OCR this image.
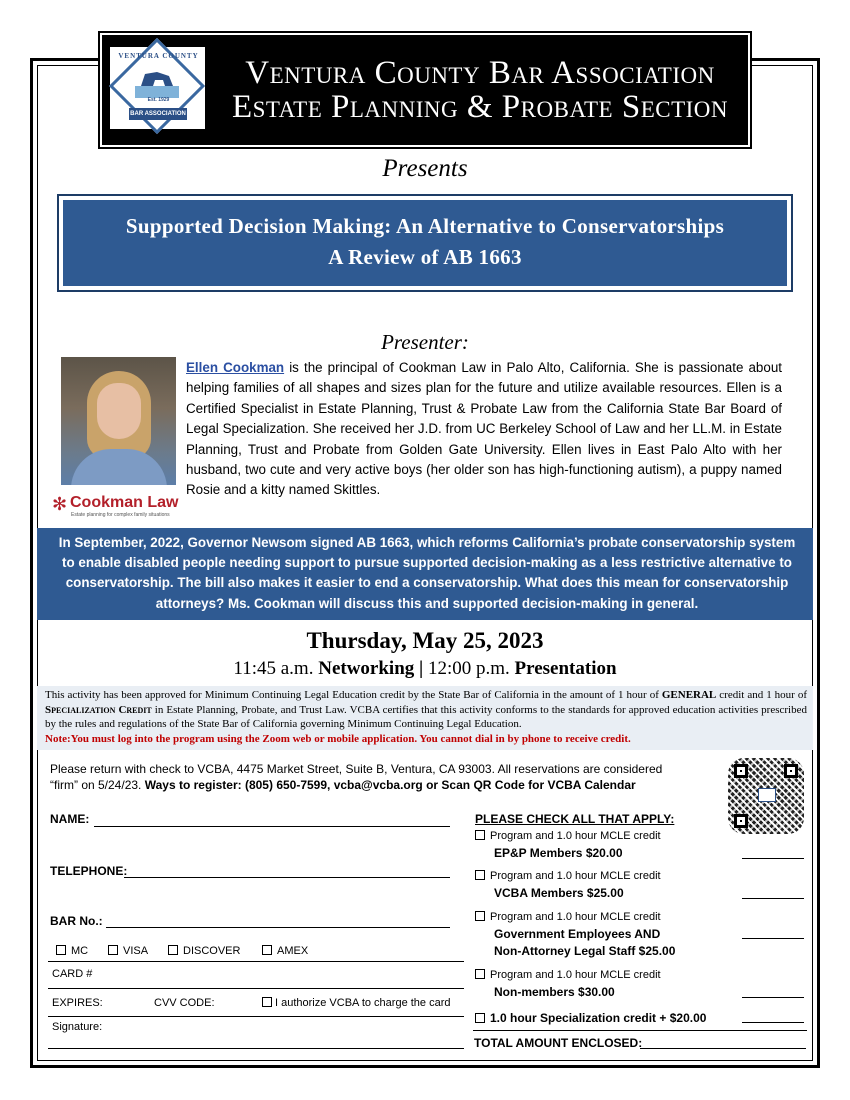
VENTURA COUNTY
Est. 1929
BAR ASSOCIATION
Ventura County Bar Association
Estate Planning & Probate Section
Presents
Supported Decision Making: An Alternative to Conservatorships
A Review of AB 1663
Presenter:
✻ Cookman Law
Estate planning for complex family situations
Ellen Cookman is the principal of Cookman Law in Palo Alto, California. She is passionate about helping families of all shapes and sizes plan for the future and utilize available resources. Ellen is a Certified Specialist in Estate Planning, Trust & Probate Law from the California State Bar Board of Legal Specialization. She received her J.D. from UC Berkeley School of Law and her LL.M. in Estate Planning, Trust and Probate from Golden Gate University. Ellen lives in East Palo Alto with her husband, two cute and very active boys (her older son has high-functioning autism), a puppy named Rosie and a kitty named Skittles.
In September, 2022, Governor Newsom signed AB 1663, which reforms California’s probate conservatorship system to enable disabled people needing support to pursue supported decision-making as a less restrictive alternative to conservatorship. The bill also makes it easier to end a conservatorship. What does this mean for conservatorship attorneys? Ms. Cookman will discuss this and supported decision-making in general.
Thursday, May 25, 2023
11:45 a.m. Networking | 12:00 p.m. Presentation
This activity has been approved for Minimum Continuing Legal Education credit by the State Bar of California in the amount of 1 hour of GENERAL credit and 1 hour of Specialization Credit in Estate Planning, Probate, and Trust Law. VCBA certifies that this activity conforms to the standards for approved education activities prescribed by the rules and regulations of the State Bar of California governing Minimum Continuing Legal Education.
Note:You must log into the program using the Zoom web or mobile application. You cannot dial in by phone to receive credit.
Please return with check to VCBA, 4475 Market Street, Suite B, Ventura, CA 93003. All reservations are considered
“firm” on 5/24/23. Ways to register: (805) 650-7599, vcba@vcba.org or Scan QR Code for VCBA Calendar
NAME:
TELEPHONE:
BAR No.:
MC	VISA	DISCOVER	AMEX
CARD #
EXPIRES:	CVV CODE:	I authorize VCBA to charge the card
Signature:
PLEASE CHECK ALL THAT APPLY:
Program and 1.0 hour MCLE credit
EP&P Members $20.00
Program and 1.0 hour MCLE credit
VCBA Members $25.00
Program and 1.0 hour MCLE credit
Government Employees AND
Non-Attorney Legal Staff $25.00
Program and 1.0 hour MCLE credit
Non-members $30.00
1.0 hour Specialization credit + $20.00
TOTAL AMOUNT ENCLOSED:
